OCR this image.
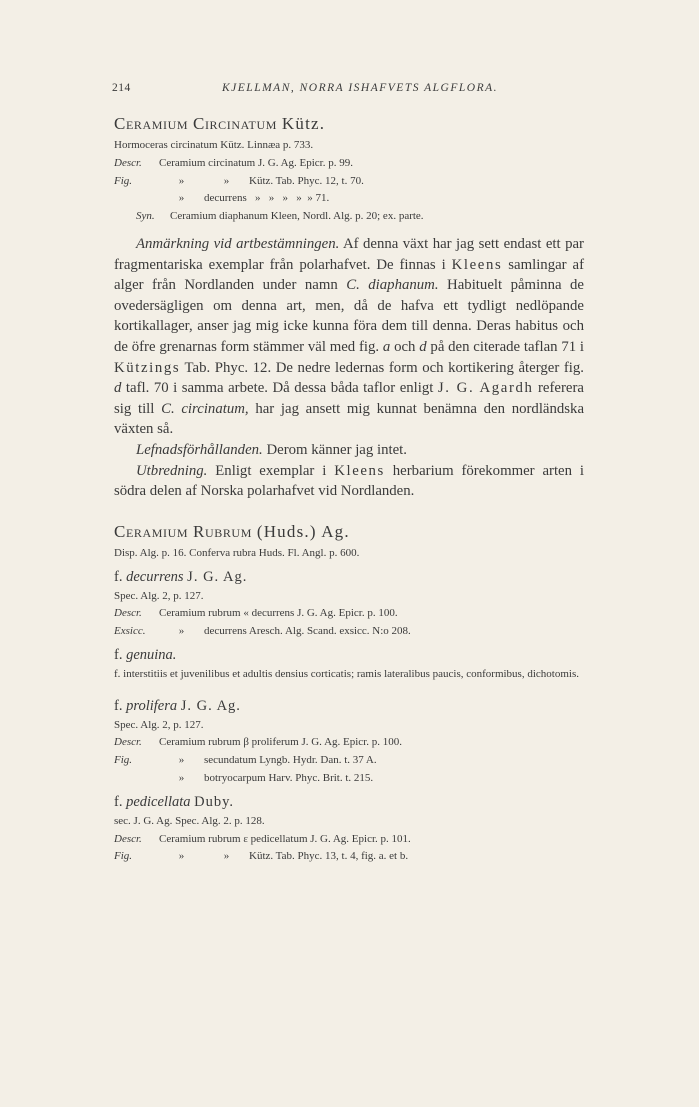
214	KJELLMAN, NORRA ISHAFVETS ALGFLORA.

Ceramium Circinatum Kütz.

Hormoceras circinatum Kütz. Linnæa p. 733.

Descr. Ceramium circinatum J. G. Ag. Epicr. p. 99.

Fig.	»	» Kütz. Tab. Phyc. 12, t. 70.

» decurrens   »   »   »   »  » 71.

Syn. Ceramium diaphanum Kleen, Nordl. Alg. p. 20; ex. parte.

Anmärkning vid artbestämningen. Af denna växt har jag sett endast ett par fragmentariska exemplar från polarhafvet. De finnas i Kleens samlingar af alger från Nordlanden under namn C. diaphanum. Habituelt påminna de ovedersägligen om denna art, men, då de hafva ett tydligt nedlöpande kortikallager, anser jag mig icke kunna föra dem till denna. Deras habitus och de öfre grenarnas form stämmer väl med fig. a och d på den citerade taflan 71 i Kützings Tab. Phyc. 12. De nedre ledernas form och kortikering återger fig. d tafl. 70 i samma arbete. Då dessa båda taflor enligt J. G. Agardh referera sig till C. circinatum, har jag ansett mig kunnat benämna den nordländska växten så.

Lefnadsförhållanden. Derom känner jag intet.

Utbredning. Enligt exemplar i Kleens herbarium förekommer arten i södra delen af Norska polarhafvet vid Nordlanden.

Ceramium Rubrum (Huds.) Ag.

Disp. Alg. p. 16. Conferva rubra Huds. Fl. Angl. p. 600.

f. decurrens J. G. Ag.

Spec. Alg. 2, p. 127.

Descr. Ceramium rubrum « decurrens J. G. Ag. Epicr. p. 100.

Exsicc.	» decurrens Aresch. Alg. Scand. exsicc. N:o 208.

f. genuina.

f. interstitiis et juvenilibus et adultis densius corticatis; ramis lateralibus paucis, conformibus, dichotomis.

f. prolifera J. G. Ag.

Spec. Alg. 2, p. 127.

Descr. Ceramium rubrum β proliferum J. G. Ag. Epicr. p. 100.

Fig.	» secundatum Lyngb. Hydr. Dan. t. 37 A.

» botryocarpum Harv. Phyc. Brit. t. 215.

f. pedicellata Duby.

sec. J. G. Ag. Spec. Alg. 2. p. 128.

Descr. Ceramium rubrum ε pedicellatum J. G. Ag. Epicr. p. 101.

Fig.	»	» Kütz. Tab. Phyc. 13, t. 4, fig. a. et b.
